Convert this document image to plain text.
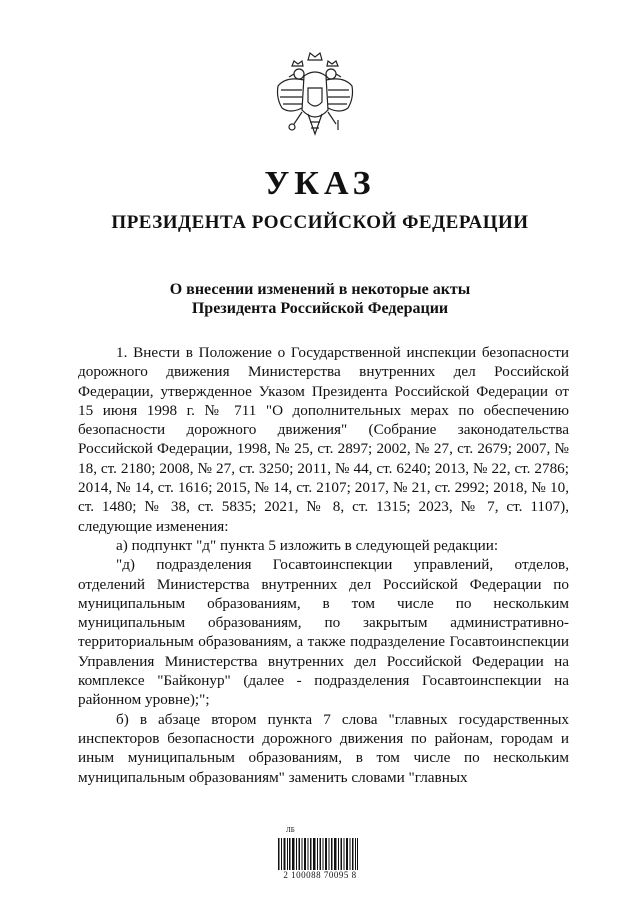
УКАЗ
ПРЕЗИДЕНТА РОССИЙСКОЙ ФЕДЕРАЦИИ
О внесении изменений в некоторые акты
Президента Российской Федерации

1. Внести в Положение о Государственной инспекции безопасности дорожного движения Министерства внутренних дел Российской Федерации, утвержденное Указом Президента Российской Федерации от 15 июня 1998 г. № 711 "О дополнительных мерах по обеспечению безопасности дорожного движения" (Собрание законодательства Российской Федерации, 1998, № 25, ст. 2897; 2002, № 27, ст. 2679; 2007, № 18, ст. 2180; 2008, № 27, ст. 3250; 2011, № 44, ст. 6240; 2013, № 22, ст. 2786; 2014, № 14, ст. 1616; 2015, № 14, ст. 2107; 2017, № 21, ст. 2992; 2018, № 10, ст. 1480; № 38, ст. 5835; 2021, № 8, ст. 1315; 2023, № 7, ст. 1107), следующие изменения:

а) подпункт "д" пункта 5 изложить в следующей редакции:

"д) подразделения Госавтоинспекции управлений, отделов, отделений Министерства внутренних дел Российской Федерации по муниципальным образованиям, в том числе по нескольким муниципальным образованиям, по закрытым административно-территориальным образованиям, а также подразделение Госавтоинспекции Управления Министерства внутренних дел Российской Федерации на комплексе "Байконур" (далее - подразделения Госавтоинспекции на районном уровне);";

б) в абзаце втором пункта 7 слова "главных государственных инспекторов безопасности дорожного движения по районам, городам и иным муниципальным образованиям, в том числе по нескольким муниципальным образованиям" заменить словами "главных

ЛБ
2 100088 70095 8
